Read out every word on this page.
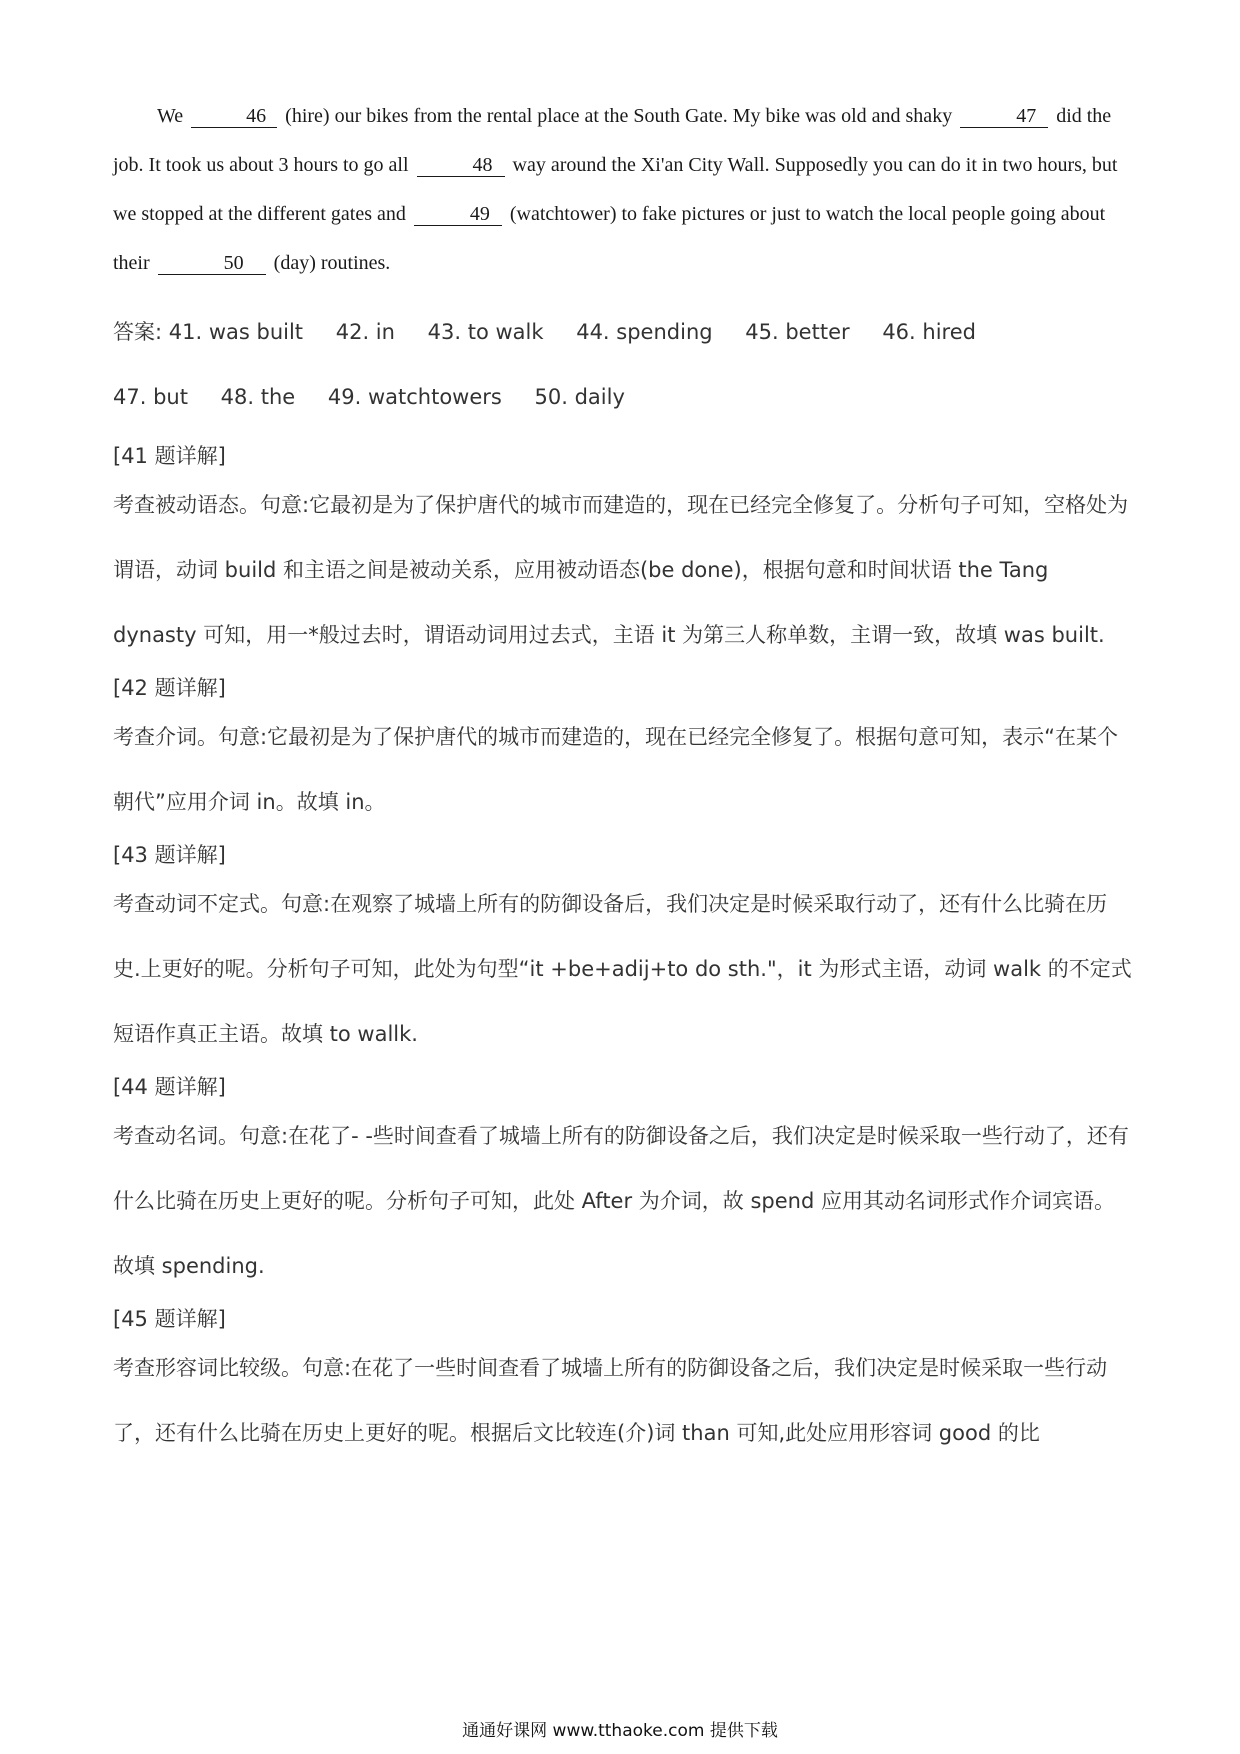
We	46 (hire) our bikes from the rental place at the South Gate. My bike was old and shaky	47 did the job. It took us about 3 hours to go all	48 way around the Xi'an City Wall. Supposedly you can do it in two hours, but we stopped at the different gates and	49 (watchtower) to fake pictures or just to watch the local people going about their	50 (day) routines.

答案: 41. was built 42. in 43. to walk 44. spending 45. better 46. hired
47. but 48. the 49. watchtowers 50. daily
[41 题详解]
考查被动语态。句意:它最初是为了保护唐代的城市而建造的，现在已经完全修复了。分析句子可知，空格处为谓语，动词 build 和主语之间是被动关系，应用被动语态(be done)，根据句意和时间状语 the Tang dynasty 可知，用一*般过去时，谓语动词用过去式，主语 it 为第三人称单数，主谓一致，故填 was built.
[42 题详解]
考查介词。句意:它最初是为了保护唐代的城市而建造的，现在已经完全修复了。根据句意可知，表示“在某个朝代”应用介词 in。故填 in。
[43 题详解]
考查动词不定式。句意:在观察了城墙上所有的防御设备后，我们决定是时候采取行动了，还有什么比骑在历史.上更好的呢。分析句子可知，此处为句型“it +be+adij+to do sth."，it 为形式主语，动词 walk 的不定式短语作真正主语。故填 to wallk.
[44 题详解]
考查动名词。句意:在花了- -些时间查看了城墙上所有的防御设备之后，我们决定是时候采取一些行动了，还有什么比骑在历史上更好的呢。分析句子可知，此处 After 为介词，故 spend 应用其动名词形式作介词宾语。故填 spending.
[45 题详解]
考查形容词比较级。句意:在花了一些时间查看了城墙上所有的防御设备之后，我们决定是时候采取一些行动了，还有什么比骑在历史上更好的呢。根据后文比较连(介)词 than 可知,此处应用形容词 good 的比
通通好课网 www.tthaoke.com 提供下载
